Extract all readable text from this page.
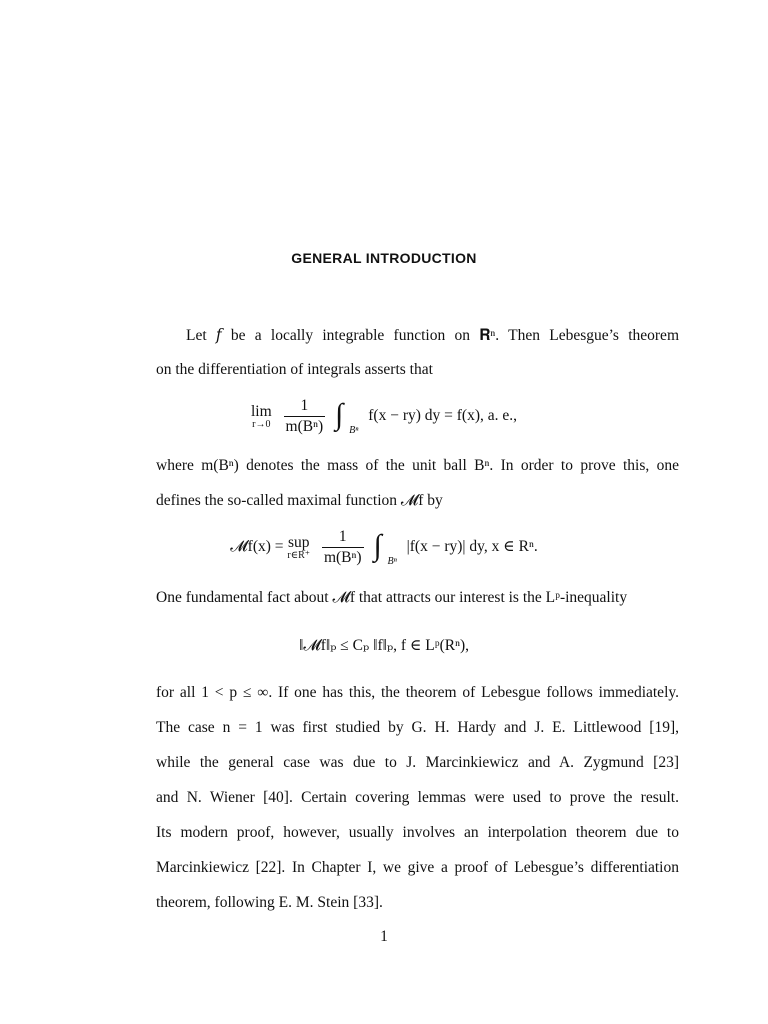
GENERAL INTRODUCTION
Let 𝑓 be a locally integrable function on 𝐑ⁿ. Then Lebesgue’s theorem
on the differentiation of integrals asserts that
lim
r→0
$\frac{1}{\text{m(Bⁿ)}}$ ∫ Bⁿ f(x − ry) dy = f(x), a. e.,
where m(Bⁿ) denotes the mass of the unit ball Bⁿ. In order to prove this, one
defines the so-called maximal function 𝓜f by
𝓜f(x) = sup
r∈R⁺
$\frac{1}{\text{m(Bⁿ)}}$ ∫ Bⁿ |f(x − ry)| dy, x ∈ Rⁿ.
One fundamental fact about 𝓜f that attracts our interest is the Lᵖ-inequality
‖𝓜f‖ₚ ≤ Cₚ ‖f‖ₚ, f ∈ Lᵖ(Rⁿ),
for all 1 < p ≤ ∞. If one has this, the theorem of Lebesgue follows immediately.
The case n = 1 was first studied by G. H. Hardy and J. E. Littlewood [19],
while the general case was due to J. Marcinkiewicz and A. Zygmund [23]
and N. Wiener [40]. Certain covering lemmas were used to prove the result.
Its modern proof, however, usually involves an interpolation theorem due to
Marcinkiewicz [22]. In Chapter I, we give a proof of Lebesgue’s differentiation
theorem, following E. M. Stein [33].
1
